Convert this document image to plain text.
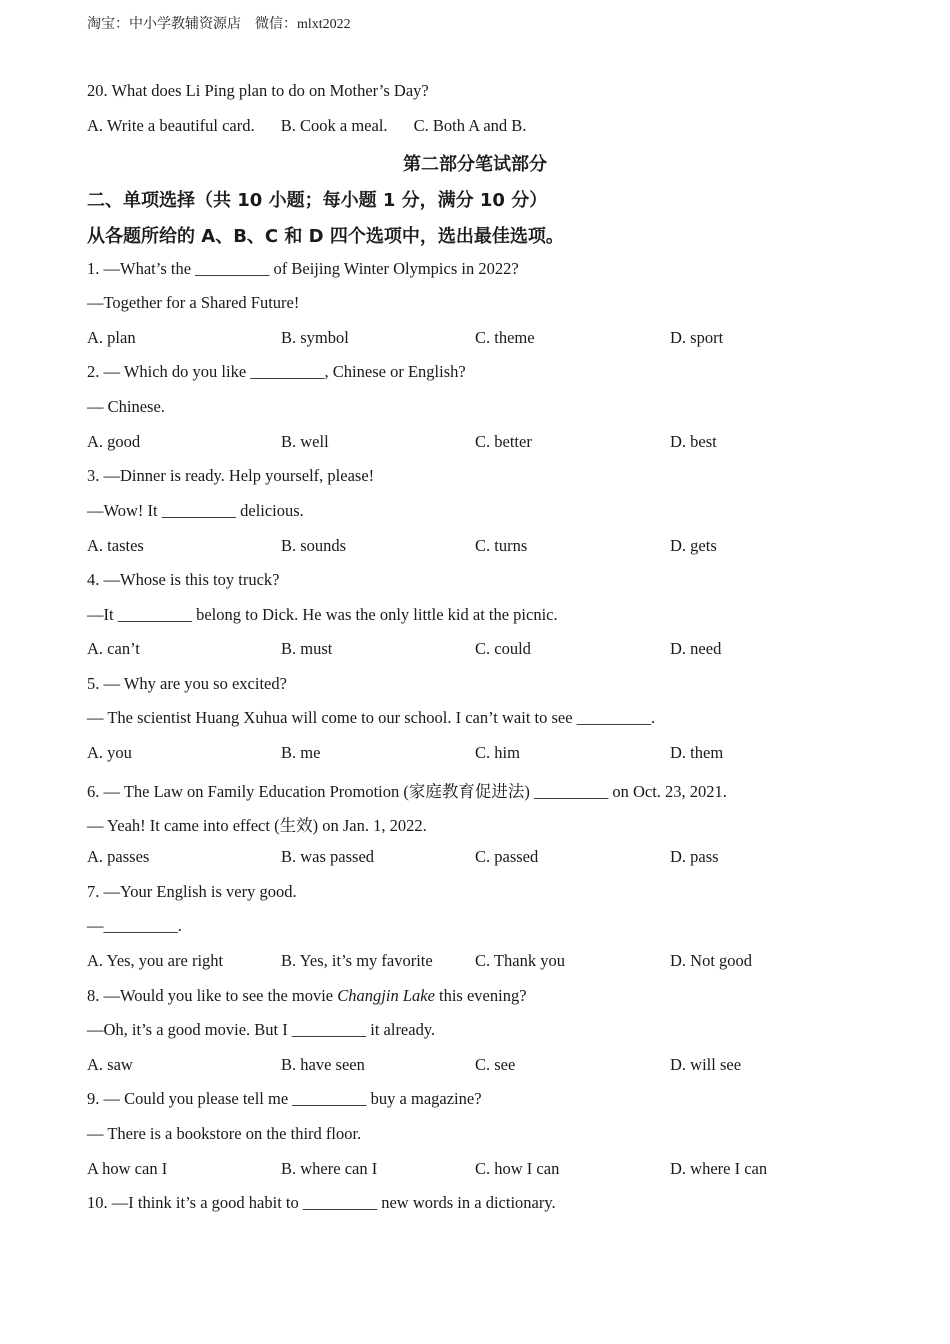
淘宝：中小学教辅资源店　微信：mlxt2022
20. What does Li Ping plan to do on Mother’s Day?
A. Write a beautiful card. B. Cook a meal. C. Both A and B.
第二部分笔试部分
二、单项选择（共 10 小题；每小题 1 分，满分 10 分）
从各题所给的 A、B、C 和 D 四个选项中，选出最佳选项。
1. —What’s the _________ of Beijing Winter Olympics in 2022?
—Together for a Shared Future!
A. plan	B. symbol	C. theme	D. sport
2. — Which do you like _________, Chinese or English?
— Chinese.
A. good	B. well	C. better	D. best
3. —Dinner is ready. Help yourself, please!
—Wow! It _________ delicious.
A. tastes	B. sounds	C. turns	D. gets
4. —Whose is this toy truck?
—It _________ belong to Dick. He was the only little kid at the picnic.
A. can’t	B. must	C. could	D. need
5. — Why are you so excited?
— The scientist Huang Xuhua will come to our school. I can’t wait to see _________.
A. you	B. me	C. him	D. them
6. — The Law on Family Education Promotion (家庭教育促进法) _________ on Oct. 23, 2021.
— Yeah! It came into effect (生效) on Jan. 1, 2022.
A. passes	B. was passed	C. passed	D. pass
7. —Your English is very good.
—_________.
A. Yes, you are right	B. Yes, it’s my favorite	C. Thank you	D. Not good
8. —Would you like to see the movie Changjin Lake this evening?
—Oh, it’s a good movie. But I _________ it already.
A. saw	B. have seen	C. see	D. will see
9. — Could you please tell me _________ buy a magazine?
— There is a bookstore on the third floor.
A how can I	B. where can I	C. how I can	D. where I can
10. —I think it’s a good habit to _________ new words in a dictionary.
